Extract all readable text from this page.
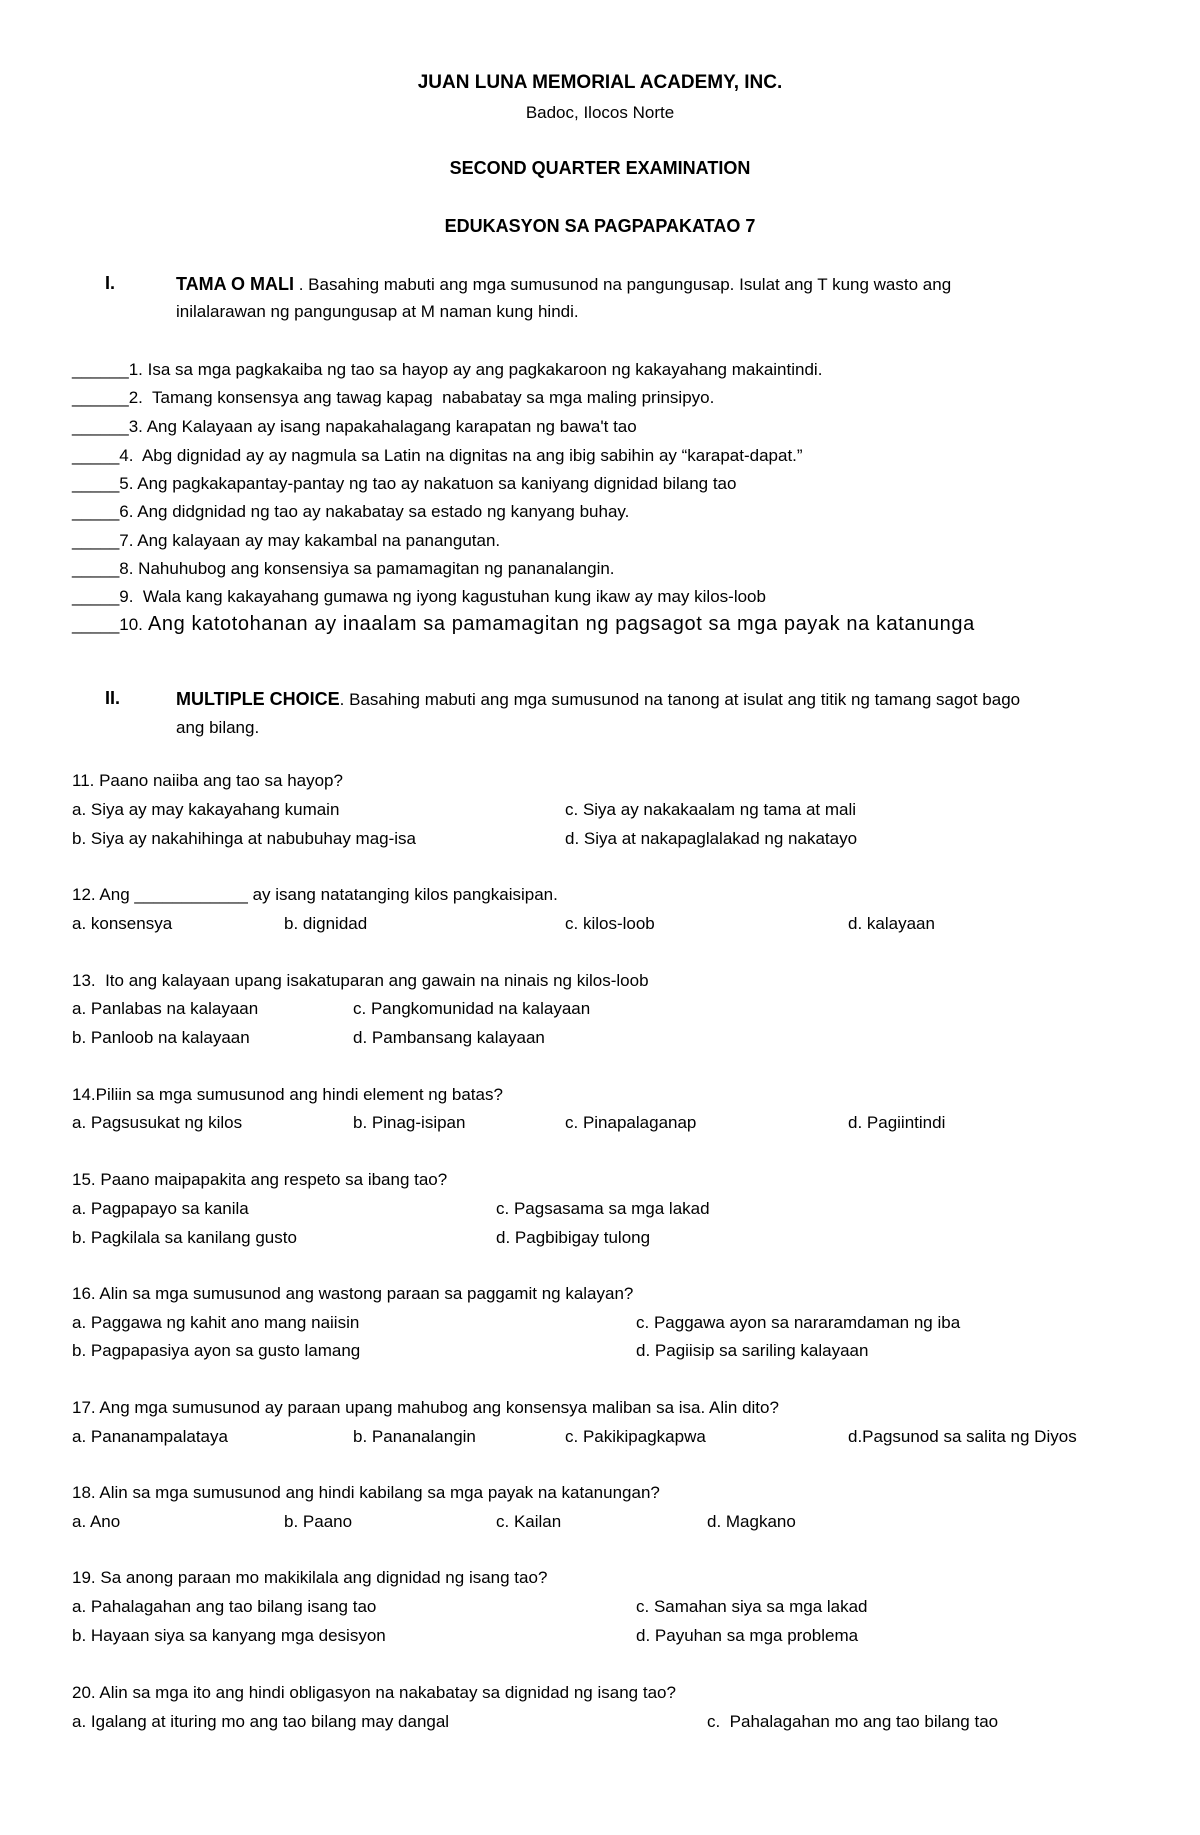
JUAN LUNA MEMORIAL ACADEMY, INC.
Badoc, Ilocos Norte
SECOND QUARTER EXAMINATION
EDUKASYON SA PAGPAPAKATAO 7
I.	TAMA O MALI . Basahing mabuti ang mga sumusunod na pangungusap. Isulat ang T kung wasto ang
inilalarawan ng pangungusap at M naman kung hindi.
______1. Isa sa mga pagkakaiba ng tao sa hayop ay ang pagkakaroon ng kakayahang makaintindi.
______2.  Tamang konsensya ang tawag kapag  nababatay sa mga maling prinsipyo.
______3. Ang Kalayaan ay isang napakahalagang karapatan ng bawa't tao
_____4.  Abg dignidad ay ay nagmula sa Latin na dignitas na ang ibig sabihin ay “karapat-dapat.”
_____5. Ang pagkakapantay-pantay ng tao ay nakatuon sa kaniyang dignidad bilang tao
_____6. Ang didgnidad ng tao ay nakabatay sa estado ng kanyang buhay.
_____7. Ang kalayaan ay may kakambal na panangutan.
_____8. Nahuhubog ang konsensiya sa pamamagitan ng pananalangin.
_____9.  Wala kang kakayahang gumawa ng iyong kagustuhan kung ikaw ay may kilos-loob
_____10. Ang katotohanan ay inaalam sa pamamagitan ng pagsagot sa mga payak na katanunga
II.	MULTIPLE CHOICE. Basahing mabuti ang mga sumusunod na tanong at isulat ang titik ng tamang sagot bago
ang bilang.
11. Paano naiiba ang tao sa hayop?
a. Siya ay may kakayahang kumain	c. Siya ay nakakaalam ng tama at mali
b. Siya ay nakahihinga at nabubuhay mag-isa	d. Siya at nakapaglalakad ng nakatayo
12. Ang ____________ ay isang natatanging kilos pangkaisipan.
a. konsensya	b. dignidad	c. kilos-loob	d. kalayaan
13.  Ito ang kalayaan upang isakatuparan ang gawain na ninais ng kilos-loob
a. Panlabas na kalayaan	c. Pangkomunidad na kalayaan
b. Panloob na kalayaan	d. Pambansang kalayaan
14.Piliin sa mga sumusunod ang hindi element ng batas?
a. Pagsusukat ng kilos	b. Pinag-isipan	c. Pinapalaganap	d. Pagiintindi
15. Paano maipapakita ang respeto sa ibang tao?
a. Pagpapayo sa kanila	c. Pagsasama sa mga lakad
b. Pagkilala sa kanilang gusto	d. Pagbibigay tulong
16. Alin sa mga sumusunod ang wastong paraan sa paggamit ng kalayan?
a. Paggawa ng kahit ano mang naiisin	c. Paggawa ayon sa nararamdaman ng iba
b. Pagpapasiya ayon sa gusto lamang	d. Pagiisip sa sariling kalayaan
17. Ang mga sumusunod ay paraan upang mahubog ang konsensya maliban sa isa. Alin dito?
a. Pananampalataya	b. Pananalangin	c. Pakikipagkapwa	d.Pagsunod sa salita ng Diyos
18. Alin sa mga sumusunod ang hindi kabilang sa mga payak na katanungan?
a. Ano	b. Paano	c. Kailan	d. Magkano
19. Sa anong paraan mo makikilala ang dignidad ng isang tao?
a. Pahalagahan ang tao bilang isang tao	c. Samahan siya sa mga lakad
b. Hayaan siya sa kanyang mga desisyon	d. Payuhan sa mga problema
20. Alin sa mga ito ang hindi obligasyon na nakabatay sa dignidad ng isang tao?
a. Igalang at ituring mo ang tao bilang may dangal	c.  Pahalagahan mo ang tao bilang tao
